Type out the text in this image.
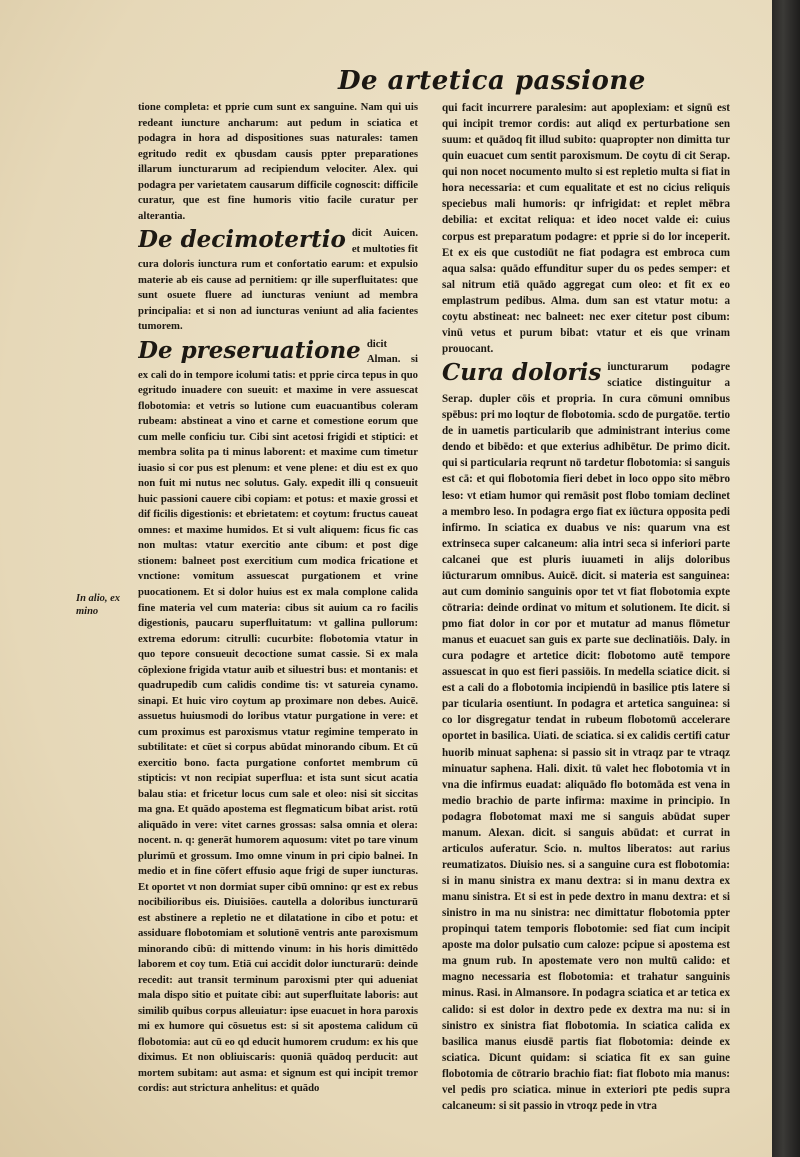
De artetica passione
In alio, ex mino

tione completa: et pprie cum sunt ex sanguine. Nam qui uis redeant iuncture ancharum: aut pedum in sciatica et podagra in hora ad dispositiones suas naturales: tamen egritudo redit ex qbusdam causis ppter preparationes illarum iuncturarum ad recipiendum velociter. Alex. qui podagra per varietatem causarum difficile cognoscit: difficile curatur, que est fine humoris vitio facile curatur per alterantia.

De decimotertio dicit Auicen. et multoties fit cura doloris iunctura rum et confortatio earum: et expulsio materie ab eis cause ad pernitiem: qr ille superfluitates: que sunt osuete fluere ad iuncturas veniunt ad membra principalia: et si non ad iuncturas veniunt ad alia facientes tumorem.
De preseruatione dicit Alman. si ex cali do in tempore icolumi tatis: et pprie circa tepus in quo egritudo inuadere con sueuit: et maxime in vere assuescat flobotomia: et vetris so lutione cum euacuantibus coleram rubeam: abstineat a vino et carne et comestione eorum que cum melle conficiu tur. Cibi sint acetosi frigidi et stiptici: et membra solita pa ti minus laborent: et maxime cum timetur iuasio si cor pus est plenum: et vene plene: et diu est ex quo non fuit mi nutus nec solutus. Galy. expedit illi q consueuit huic passioni cauere cibi copiam: et potus: et maxie grossi et dif ficilis digestionis: et ebrietatem: et coytum: fructus caueat omnes: et maxime humidos. Et si vult aliquem: ficus fic cas non multas: vtatur exercitio ante cibum: et post dige stionem: balneet post exercitium cum modica fricatione et vnctione: vomitum assuescat purgationem et vrine puocationem. Et si dolor huius est ex mala complone calida fine materia vel cum materia: cibus sit auium ca ro facilis digestionis, paucaru superfluitatum: vt gallina pullorum: extrema edorum: citrulli: cucurbite: flobotomia vtatur in quo tepore consueuit decoctione sumat cassie. Si ex mala cōplexione frigida vtatur auib et siluestri bus: et montanis: et quadrupedib cum calidis condime tis: vt satureia cynamo. sinapi. Et huic viro coytum ap proximare non debes. Auicē. assuetus huiusmodi do loribus vtatur purgatione in vere: et cum proximus est paroxismus vtatur regimine temperato in subtilitate: et cūet si corpus abūdat minorando cibum. Et cū exercitio bono. facta purgatione confortet membrum cū stipticis: vt non recipiat superflua: et ista sunt sicut acatia balau stia: et fricetur locus cum sale et oleo: nisi sit siccitas ma gna. Et quādo apostema est flegmaticum bibat arist. rotū aliquādo in vere: vitet carnes grossas: salsa omnia et olera: nocent. n. q: generāt humorem aquosum: vitet po tare vinum plurimū et grossum. Imo omne vinum in pri cipio balnei. In medio et in fine cōfert effusio aque frigi de super iuncturas. Et oportet vt non dormiat super cibū omnino: qr est ex rebus nocibilioribus eis. Diuisiōes. cautella a doloribus iuncturarū est abstinere a repletio ne et dilatatione in cibo et potu: et assiduare flobotomiam et solutionē ventris ante paroxismum minorando cibū: di mittendo vinum: in his horis dimittēdo laborem et coy tum. Etiā cui accidit dolor iuncturarū: deinde recedit: aut transit terminum paroxismi pter qui adueniat mala dispo sitio et puitate cibi: aut superfluitate laboris: aut similib quibus corpus alleuiatur: ipse euacuet in hora paroxis mi ex humore qui cōsuetus est: si sit apostema calidum cū flobotomia: aut cū eo qd educit humorem crudum: ex his que diximus. Et non obliuiscaris: quoniā quādoq perducit: aut mortem subitam: aut asma: et signum est qui incipit tremor cordis: aut strictura anhelitus: et quādo

qui facit incurrere paralesim: aut apoplexiam: et signū est qui incipit tremor cordis: aut aliqd ex perturbatione sen suum: et quādoq fit illud subito: quapropter non dimitta tur quin euacuet cum sentit paroxismum. De coytu di cit Serap. qui non nocet nocumento multo si est repletio multa si fiat in hora necessaria: et cum equalitate et est no cicius reliquis speciebus mali humoris: qr infrigidat: et replet mēbra debilia: et excitat reliqua: et ideo nocet valde ei: cuius corpus est preparatum podagre: et pprie si do lor inceperit. Et ex eis que custodiūt ne fiat podagra est embroca cum aqua salsa: quādo effunditur super du os pedes semper: et sal nitrum etiā quādo aggregat cum oleo: et fit ex eo emplastrum pedibus. Alma. dum san est vtatur motu: a coytu abstineat: nec balneet: nec exer citetur post cibum: vinū vetus et purum bibat: vtatur et eis que vrinam prouocant.

Cura doloris iuncturarum podagre sciatice distinguitur a Serap. dupler cōis et propria. In cura cōmuni omnibus spēbus: pri mo loqtur de flobotomia. scdo de purgatōe. tertio de in uametis particularib que administrant interius come dendo et bibēdo: et que exterius adhibētur. De primo dicit. qui si particularia reqrunt nō tardetur flobotomia: si sanguis est cā: et qui flobotomia fieri debet in loco oppo sito mēbro leso: vt etiam humor qui remāsit post flobo tomiam declinet a membro leso. In podagra ergo fiat ex iūctura opposita pedi infirmo. In sciatica ex duabus ve nis: quarum vna est extrinseca super calcaneum: alia intri seca si inferiori parte calcanei que est pluris iuuameti in alijs doloribus iūcturarum omnibus. Auicē. dicit. si materia est sanguinea: aut cum dominio sanguinis opor tet vt fiat flobotomia expte cōtraria: deinde ordinat vo mitum et solutionem. Ite dicit. si pmo fiat dolor in cor por et mutatur ad manus flōmetur manus et euacuet san guis ex parte sue declinatiōis. Daly. in cura podagre et artetice dicit: flobotomo autē tempore assuescat in quo est fieri passiōis. In medella sciatice dicit. si est a cali do a flobotomia incipiendū in basilice ptis latere si par ticularia osentiunt. In podagra et artetica sanguinea: si co lor disgregatur tendat in rubeum flobotomū accelerare oportet in basilica. Uiati. de sciatica. si ex calidis certifi catur huorib minuat saphena: si passio sit in vtraqz par te vtraqz minuatur saphena. Hali. dixit. tū valet hec flobotomia vt in vna die infirmus euadat: aliquādo flo botomāda est vena in medio brachio de parte infirma: maxime in principio. In podagra flobotomat maxi me si sanguis abūdat super manum. Alexan. dicit. si sanguis abūdat: et currat in articulos auferatur. Scio. n. multos liberatos: aut rarius reumatizatos. Diuisio nes. si a sanguine cura est flobotomia: si in manu sinistra ex manu dextra: si in manu dextra ex manu sinistra. Et si est in pede dextro in manu dextra: et si sinistro in ma nu sinistra: nec dimittatur flobotomia ppter propinqui tatem temporis flobotomie: sed fiat cum incipit aposte ma dolor pulsatio cum caloze: pcipue si apostema est ma gnum rub. In apostemate vero non multū calido: et magno necessaria est flobotomia: et trahatur sanguinis minus. Rasi. in Almansore. In podagra sciatica et ar tetica ex calido: si est dolor in dextro pede ex dextra ma nu: si in sinistro ex sinistra fiat flobotomia. In sciatica calida ex basilica manus eiusdē partis fiat flobotomia: deinde ex sciatica. Dicunt quidam: si sciatica fit ex san guine flobotomia de cōtrario brachio fiat: fiat floboto mia manus: vel pedis pro sciatica. minue in exteriori pte pedis supra calcaneum: si sit passio in vtroqz pede in vtra
